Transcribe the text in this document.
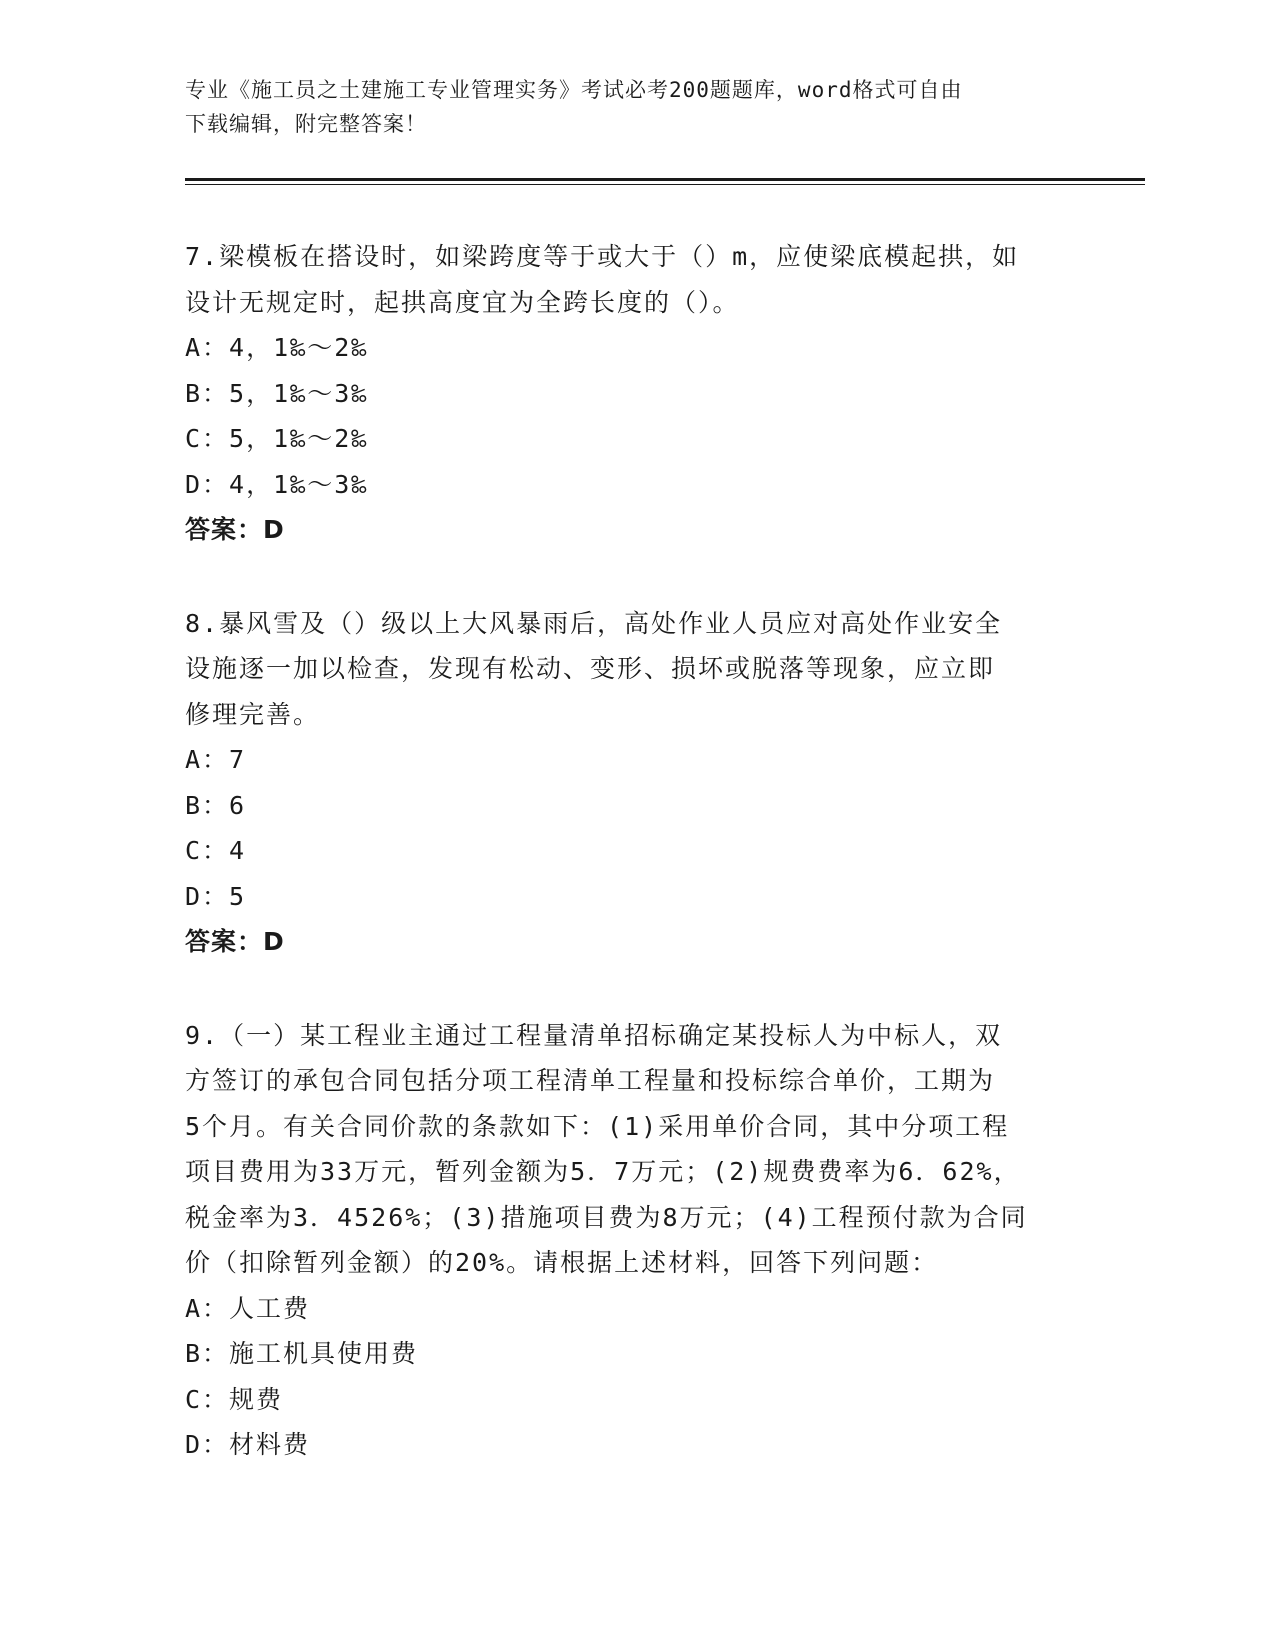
专业《施工员之土建施工专业管理实务》考试必考200题题库，word格式可自由
下载编辑，附完整答案！
7.梁模板在搭设时，如梁跨度等于或大于（）m，应使梁底模起拱，如
设计无规定时，起拱高度宜为全跨长度的（）。
A：4，1‰～2‰
B：5，1‰～3‰
C：5，1‰～2‰
D：4，1‰～3‰
答案：D
8.暴风雪及（）级以上大风暴雨后，高处作业人员应对高处作业安全
设施逐一加以检查，发现有松动、变形、损坏或脱落等现象，应立即
修理完善。
A：7
B：6
C：4
D：5
答案：D
9.（一）某工程业主通过工程量清单招标确定某投标人为中标人，双
方签订的承包合同包括分项工程清单工程量和投标综合单价，工期为
5个月。有关合同价款的条款如下：(1)采用单价合同，其中分项工程
项目费用为33万元，暂列金额为5．7万元；(2)规费费率为6．62%，
税金率为3．4526%；(3)措施项目费为8万元；(4)工程预付款为合同
价（扣除暂列金额）的20%。请根据上述材料，回答下列问题：
A：人工费
B：施工机具使用费
C：规费
D：材料费
